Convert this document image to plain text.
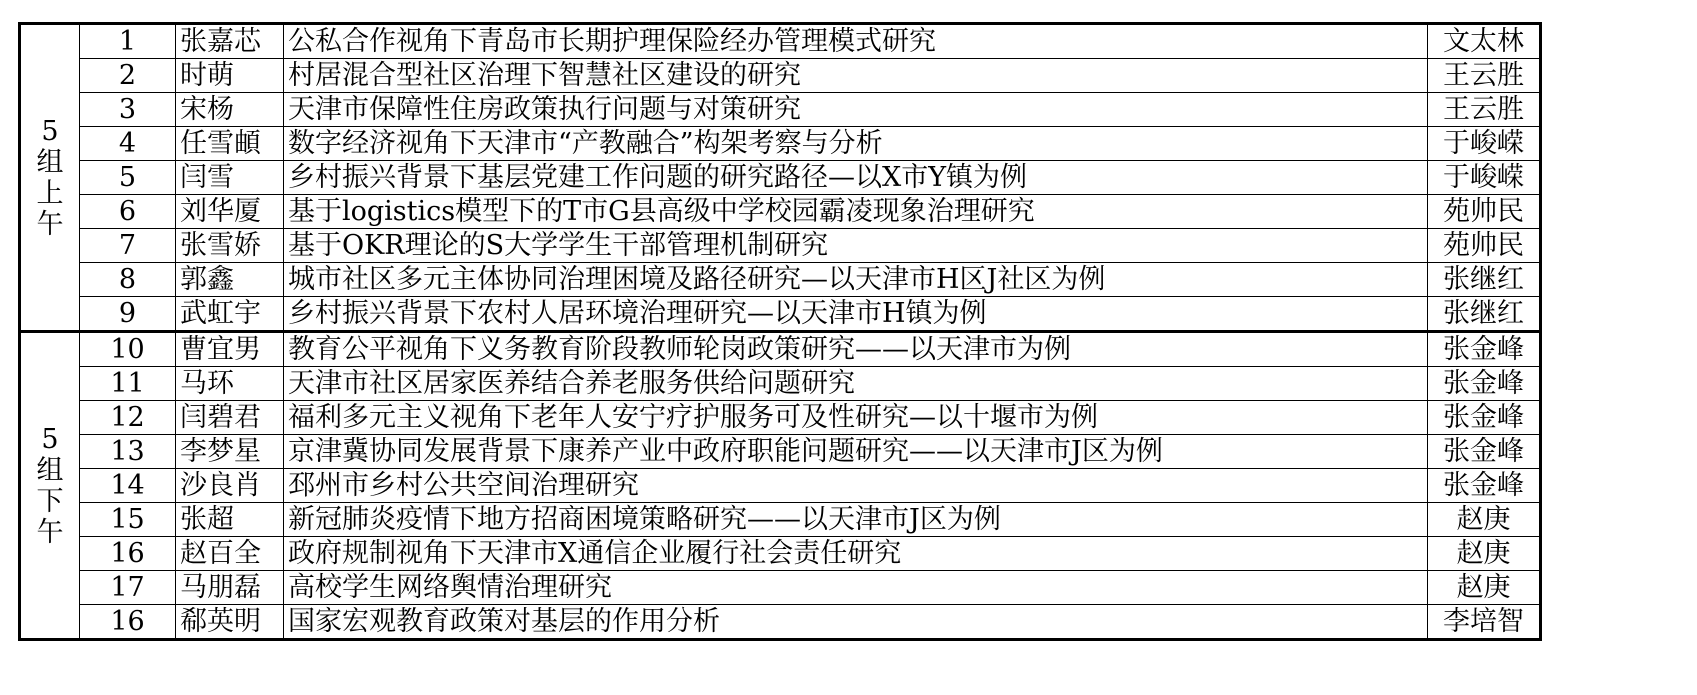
5
组
上
午	1	张嘉芯	公私合作视角下青岛市长期护理保险经办管理模式研究	文太林
	2	时萌	村居混合型社区治理下智慧社区建设的研究	王云胜
	3	宋杨	天津市保障性住房政策执行问题与对策研究	王云胜
	4	任雪頔	数字经济视角下天津市“产教融合”构架考察与分析	于峻嵘
	5	闫雪	乡村振兴背景下基层党建工作问题的研究路径—以X市Y镇为例	于峻嵘
	6	刘华厦	基于logistics模型下的T市G县高级中学校园霸凌现象治理研究	苑帅民
	7	张雪娇	基于OKR理论的S大学学生干部管理机制研究	苑帅民
	8	郭鑫	城市社区多元主体协同治理困境及路径研究—以天津市H区J社区为例	张继红
	9	武虹宇	乡村振兴背景下农村人居环境治理研究—以天津市H镇为例	张继红

5
组
下
午	10	曹宜男	教育公平视角下义务教育阶段教师轮岗政策研究——以天津市为例	张金峰
	11	马环	天津市社区居家医养结合养老服务供给问题研究	张金峰
	12	闫碧君	福利多元主义视角下老年人安宁疗护服务可及性研究—以十堰市为例	张金峰
	13	李梦星	京津冀协同发展背景下康养产业中政府职能问题研究——以天津市J区为例	张金峰
	14	沙良肖	邳州市乡村公共空间治理研究	张金峰
	15	张超	新冠肺炎疫情下地方招商困境策略研究——以天津市J区为例	赵庚
	16	赵百全	政府规制视角下天津市X通信企业履行社会责任研究	赵庚
	17	马朋磊	高校学生网络舆情治理研究	赵庚
	16	郗英明	国家宏观教育政策对基层的作用分析	李培智
